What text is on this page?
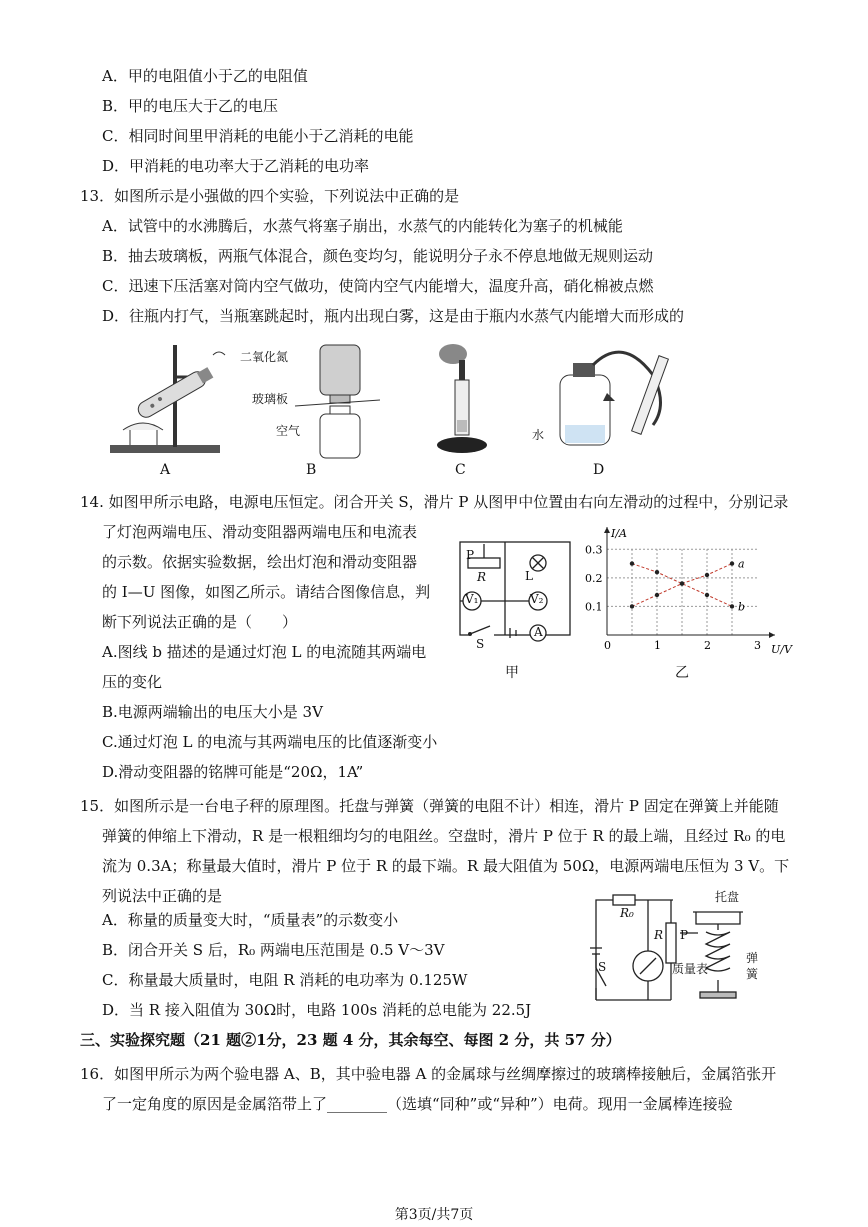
A．甲的电阻值小于乙的电阻值
B．甲的电压大于乙的电压
C．相同时间里甲消耗的电能小于乙消耗的电能
D．甲消耗的电功率大于乙消耗的电功率
13．如图所示是小强做的四个实验，下列说法中正确的是
A．试管中的水沸腾后，水蒸气将塞子崩出，水蒸气的内能转化为塞子的机械能
B．抽去玻璃板，两瓶气体混合，颜色变均匀，能说明分子永不停息地做无规则运动
C．迅速下压活塞对筒内空气做功，使筒内空气内能增大，温度升高，硝化棉被点燃
D．往瓶内打气，当瓶塞跳起时，瓶内出现白雾，这是由于瓶内水蒸气内能增大而形成的
A
二氧化氮
玻璃板
空气
B	C
水
D
14. 如图甲所示电路，电源电压恒定。闭合开关 S，滑片 P 从图甲中位置由右向左滑动的过程中，分别记录
了灯泡两端电压、滑动变阻器两端电压和电流表
的示数。依据实验数据，绘出灯泡和滑动变阻器
的 I—U 图像，如图乙所示。请结合图像信息，判
断下列说法正确的是（　　）
A.图线 b 描述的是通过灯泡 L 的电流随其两端电
压的变化
B.电源两端输出的电压大小是 3V
C.通过灯泡 L 的电流与其两端电压的比值逐渐变小
D.滑动变阻器的铭牌可能是“20Ω，1A”
P
R	L
V₁	V₂
A
S
甲
0	1	2	3
0.1
0.2
0.3
U/V
I/A
a
b
乙
15．如图所示是一台电子秤的原理图。托盘与弹簧（弹簧的电阻不计）相连，滑片 P 固定在弹簧上并能随
弹簧的伸缩上下滑动，R 是一根粗细均匀的电阻丝。空盘时，滑片 P 位于 R 的最上端，且经过 R₀ 的电
流为 0.3A；称量最大值时，滑片 P 位于 R 的最下端。R 最大阻值为 50Ω，电源两端电压恒为 3 V。下
列说法中正确的是
A．称量的质量变大时，“质量表”的示数变小
B．闭合开关 S 后，R₀ 两端电压范围是 0.5 V～3V
C．称量最大质量时，电阻 R 消耗的电功率为 0.125W
D．当 R 接入阻值为 30Ω时，电路 100s 消耗的总电能为 22.5J
托盘
R₀
R P
质量表
弹簧
S
三、实验探究题（21 题②1分，23 题 4 分，其余每空、每图 2 分，共 57 分）
16．如图甲所示为两个验电器 A、B，其中验电器 A 的金属球与丝绸摩擦过的玻璃棒接触后，金属箔张开
了一定角度的原因是金属箔带上了________（选填“同种”或“异种”）电荷。现用一金属棒连接验
第3页/共7页
